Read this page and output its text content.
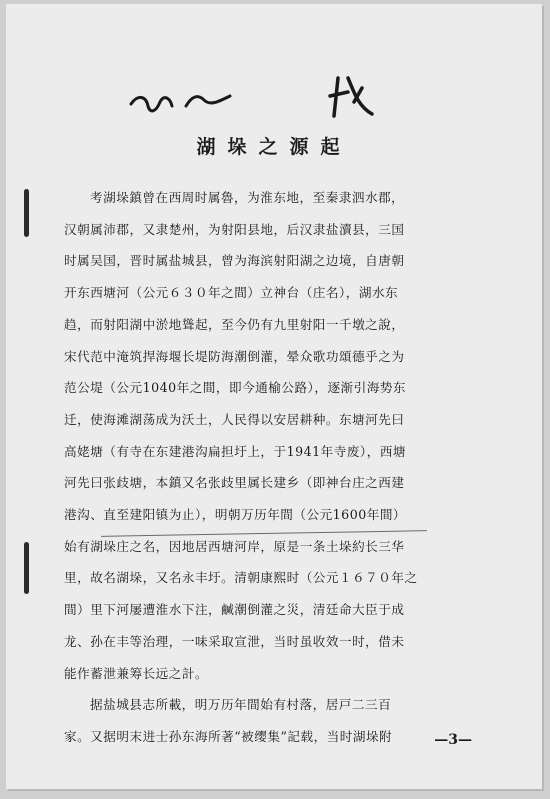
湖垛之源起
考湖垛鎮曾在西周时属魯，为淮东地，至秦隶泗水郡，
汉朝属沛郡，又隶楚州，为射阳县地，后汉隶盐瀆县，三国
时属吴国，晋时属盐城县，曾为海滨射阳湖之边境，自唐朝
开东西塘河（公元６３０年之間）立神台（庄名），湖水东
趋，而射阳湖中淤地聳起，至今仍有九里射阳一千墩之說，
宋代范中淹筑捍海堰长堤防海潮倒灌，晕众歌功頌德乎之为
范公堤（公元1040年之間，即今通榆公路），逐渐引海势东
迁，使海滩湖荡成为沃土，人民得以安居耕种。东塘河先曰
高姥塘（有寺在东建港沟扁担圩上，于1941年寺废），西塘
河先曰张歧塘，本鎮又名张歧里属长建乡（即神台庄之西建
港沟、直至建阳镇为止），明朝万历年間（公元1600年間）
始有湖垛庄之名，因地居西塘河岸，原是一条土垛約长三华
里，故名湖垛，又名永丰圩。清朝康熙时（公元１６７０年之
間）里下河屡遭淮水下注，鹹潮倒灌之災，清廷命大臣于成
龙、孙在丰等治理，一味采取宣泄，当时虽收效一时，借未
能作蓄泄兼筹长远之計。
据盐城县志所載，明万历年間始有村落，居戸二三百
家。又据明末进士孙东海所著“被缨集”記载，当时湖垛附	—3—
